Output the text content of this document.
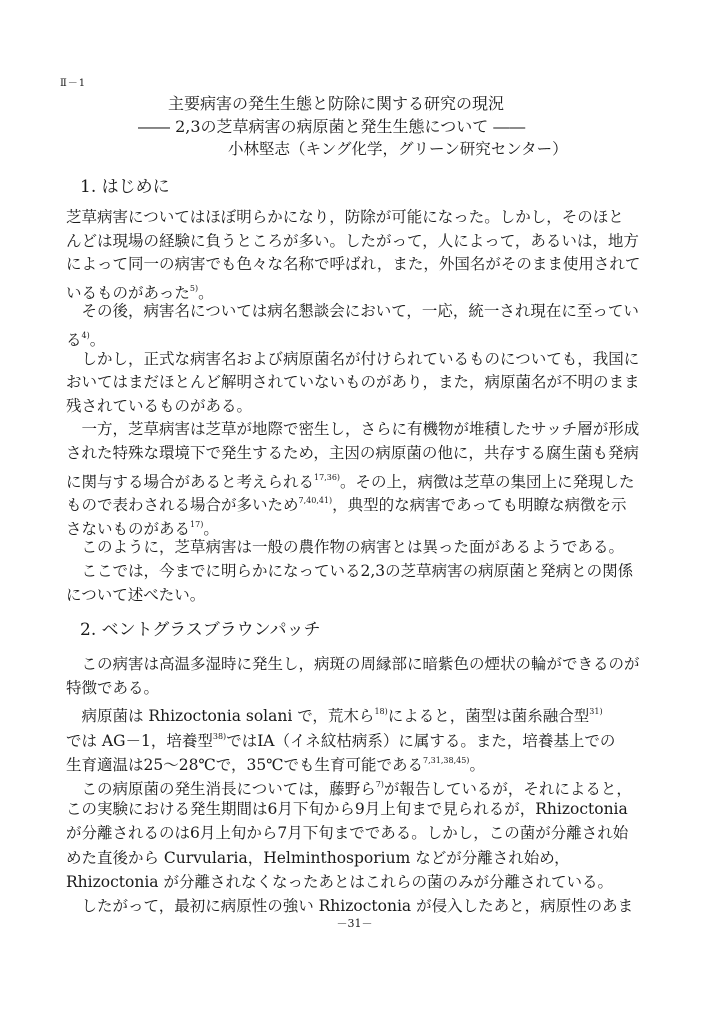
Ⅱ－1
主要病害の発生生態と防除に関する研究の現況
―― 2,3の芝草病害の病原菌と発生生態について ――
小林堅志（キング化学，グリーン研究センター）
1. はじめに
芝草病害についてはほぼ明らかになり，防除が可能になった。しかし，そのほと
んどは現場の経験に負うところが多い。したがって，人によって，あるいは，地方
によって同一の病害でも色々な名称で呼ばれ，また，外国名がそのまま使用されて
いるものがあった$^{5)}$。
　その後，病害名については病名懇談会において，一応，統一され現在に至ってい
る$^{4)}$。
　しかし，正式な病害名および病原菌名が付けられているものについても，我国に
おいてはまだほとんど解明されていないものがあり，また，病原菌名が不明のまま
残されているものがある。
　一方，芝草病害は芝草が地際で密生し，さらに有機物が堆積したサッチ層が形成
された特殊な環境下で発生するため，主因の病原菌の他に，共存する腐生菌も発病
に関与する場合があると考えられる$^{17,36)}$。その上，病徴は芝草の集団上に発現した
もので表わされる場合が多いため$^{7,40,41)}$，典型的な病害であっても明瞭な病徴を示
さないものがある$^{17)}$。
　このように，芝草病害は一般の農作物の病害とは異った面があるようである。
　ここでは，今までに明らかになっている2,3の芝草病害の病原菌と発病との関係
について述べたい。
2. ベントグラスブラウンパッチ
　この病害は高温多湿時に発生し，病斑の周縁部に暗紫色の煙状の輪ができるのが
特徴である。
　病原菌は Rhizoctonia solani で，荒木ら$^{18)}$によると，菌型は菌糸融合型$^{31)}$
では AG－1，培養型$^{38)}$ではⅠA（イネ紋枯病系）に属する。また，培養基上での
生育適温は25～28℃で，35℃でも生育可能である$^{7,31,38,45)}$。
　この病原菌の発生消長については，藤野ら$^{7)}$が報告しているが，それによると，
この実験における発生期間は6月下旬から9月上旬まで見られるが，Rhizoctonia
が分離されるのは6月上旬から7月下旬までである。しかし，この菌が分離され始
めた直後から Curvularia，Helminthosporium などが分離され始め，
Rhizoctonia が分離されなくなったあとはこれらの菌のみが分離されている。
　したがって，最初に病原性の強い Rhizoctonia が侵入したあと，病原性のあま
－31－
